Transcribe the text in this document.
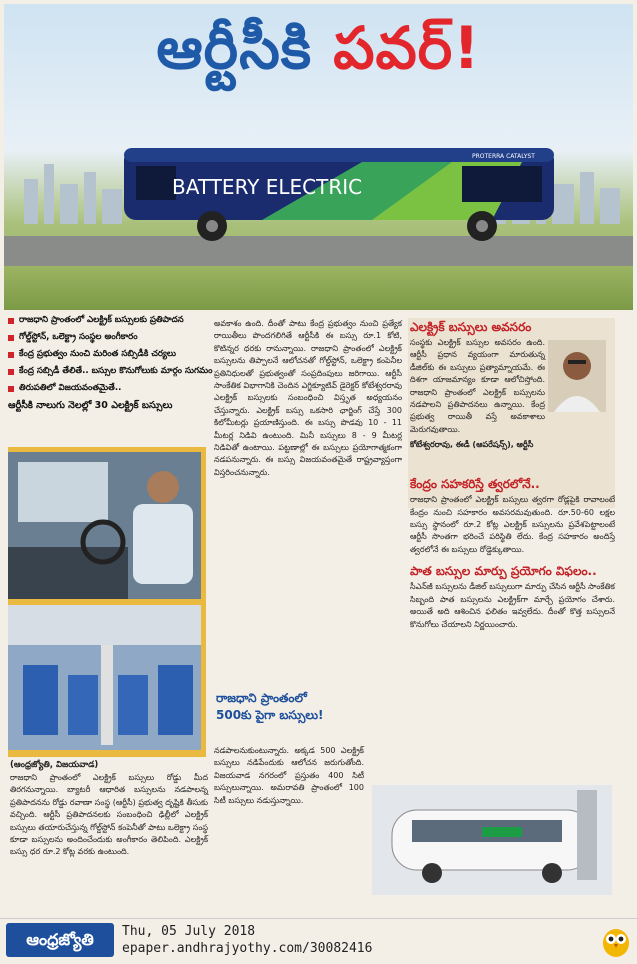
ఆర్టీసీకి పవర్!
BATTERY ELECTRIC
PROTERRA CATALYST
రాజధాని ప్రాంతంలో ఎలక్ట్రిక్ బస్సులకు ప్రతిపాదన
గోల్డ్‌స్టోన్, ఒలెక్ట్రా సంస్థల అంగీకారం
కేంద్ర ప్రభుత్వం నుంచి మరింత సబ్సిడీకి చర్యలు
కేంద్ర సబ్సిడీ తేలితే.. బస్సుల కొనుగోలుకు మార్గం సుగమం
తిరుపతిలో విజయవంతమైతే..
ఆర్టీసీకి నాలుగు నెలల్లో 30 ఎలక్ట్రిక్ బస్సులు
(ఆంధ్రజ్యోతి, విజయవాడ)
రాజధాని ప్రాంతంలో ఎలక్ట్రిక్ బస్సులు రోడ్డు మీద తిరగనున్నాయి. బ్యాటరీ ఆధారిత బస్సులను నడపాలన్న ప్రతిపాదనను రోడ్డు రవాణా సంస్థ (ఆర్టీసీ) ప్రభుత్వ దృష్టికి తీసుకు వచ్చింది. ఆర్టీసీ ప్రతిపాదనలకు సంబంధించి ఢిల్లీలో ఎలక్ట్రిక్ బస్సులు తయారుచేస్తున్న గోల్డ్‌స్టోన్ కంపెనీతో పాటు ఒలెక్ట్రా సంస్థ కూడా బస్సులను అందించేందుకు అంగీకారం తెలిపింది. ఎలక్ట్రిక్ బస్సు ధర రూ.2 కోట్ల వరకు ఉంటుంది.
అవకాశం ఉంది. దీంతో పాటు కేంద్ర ప్రభుత్వం నుంచి ప్రత్యేక రాయితీలు పొందగలిగితే ఆర్టీసీకి ఈ బస్సు రూ.1 కోటి, కొటిన్నర ధరకు రానున్నాయి. రాజధాని ప్రాంతంలో ఎలక్ట్రిక్ బస్సులను తిప్పాలనే ఆలోచనతో గోల్డ్‌స్టోన్, ఒలెక్ట్రా కంపెనీల ప్రతినిధులతో ప్రభుత్వంతో సంప్రదింపులు జరిగాయి. ఆర్టీసీ సాంకేతిక విభాగానికి చెందిన ఎగ్జిక్యూటివ్ డైరెక్టర్ కోటేశ్వరరావు ఎలక్ట్రిక్ బస్సులకు సంబంధించి విస్తృత అధ్యయనం చేస్తున్నారు. ఎలక్ట్రిక్ బస్సు ఒకసారి ఛార్జింగ్ చేస్తే 300 కిలోమీటర్లు ప్రయాణిస్తుంది. ఈ బస్సు పొడవు 10 - 11 మీటర్ల నిడివి ఉంటుంది. మినీ బస్సులు 8 - 9 మీటర్ల నిడివితో ఉంటాయి. పట్టణాల్లో ఈ బస్సులు ప్రయోగాత్మకంగా నడపనున్నారు. ఈ బస్సు విజయవంతమైతే రాష్ట్రవ్యాప్తంగా విస్తరించనున్నారు.
రాజధాని ప్రాంతంలో
500కు పైగా బస్సులు!
నడపాలనుకుంటున్నారు. అక్కడ 500 ఎలక్ట్రిక్ బస్సులు నడిపేందుకు ఆలోచన జరుగుతోంది. విజయవాడ నగరంలో ప్రస్తుతం 400 సిటీ బస్సులున్నాయి. అమరావతి ప్రాంతంలో 100 సిటీ బస్సులు నడుస్తున్నాయి.
ఎలక్ట్రిక్ బస్సులు అవసరం
సంస్థకు ఎలక్ట్రిక్ బస్సుల అవసరం ఉంది. ఆర్టీసీ ప్రధాన వ్యయంగా మారుతున్న డీజిల్‌కు ఈ బస్సులు ప్రత్యామ్నాయమే. ఈ దిశగా యాజమాన్యం కూడా ఆలోచిస్తోంది. రాజధాని ప్రాంతంలో ఎలక్ట్రిక్ బస్సులను నడపాలని ప్రతిపాదనలు ఉన్నాయి. కేంద్ర ప్రభుత్వ రాయితీ వస్తే అవకాశాలు మెరుగవుతాయి.
కోటేశ్వరరావు, ఈడీ (ఆపరేషన్స్), ఆర్టీసీ
కేంద్రం సహకరిస్తే త్వరలోనే..
రాజధాని ప్రాంతంలో ఎలక్ట్రిక్ బస్సులు త్వరగా రోడ్లపైకి రావాలంటే కేంద్రం నుంచి సహకారం అవసరమవుతుంది. రూ.50-60 లక్షల బస్సు స్థానంలో రూ.2 కోట్ల ఎలక్ట్రిక్ బస్సులను ప్రవేశపెట్టాలంటే ఆర్టీసీ సొంతగా భరించే పరిస్థితి లేదు. కేంద్ర సహకారం అందిస్తే త్వరలోనే ఈ బస్సులు రోడ్డెక్కుతాయి.
పాత బస్సుల మార్పు ప్రయోగం విఫలం..
సీఎన్‌జీ బస్సులను డీజిల్ బస్సులుగా మార్పు చేసిన ఆర్టీసీ సాంకేతిక సిబ్బంది పాత బస్సులను ఎలక్ట్రిక్‌గా మార్చే ప్రయోగం చేశారు. అయితే అది ఆశించిన ఫలితం ఇవ్వలేదు. దీంతో కొత్త బస్సులనే కొనుగోలు చేయాలని నిర్ణయించారు.
ఆంధ్రజ్యోతి	Thu, 05 July 2018
epaper.andhrajyothy.com/30082416
